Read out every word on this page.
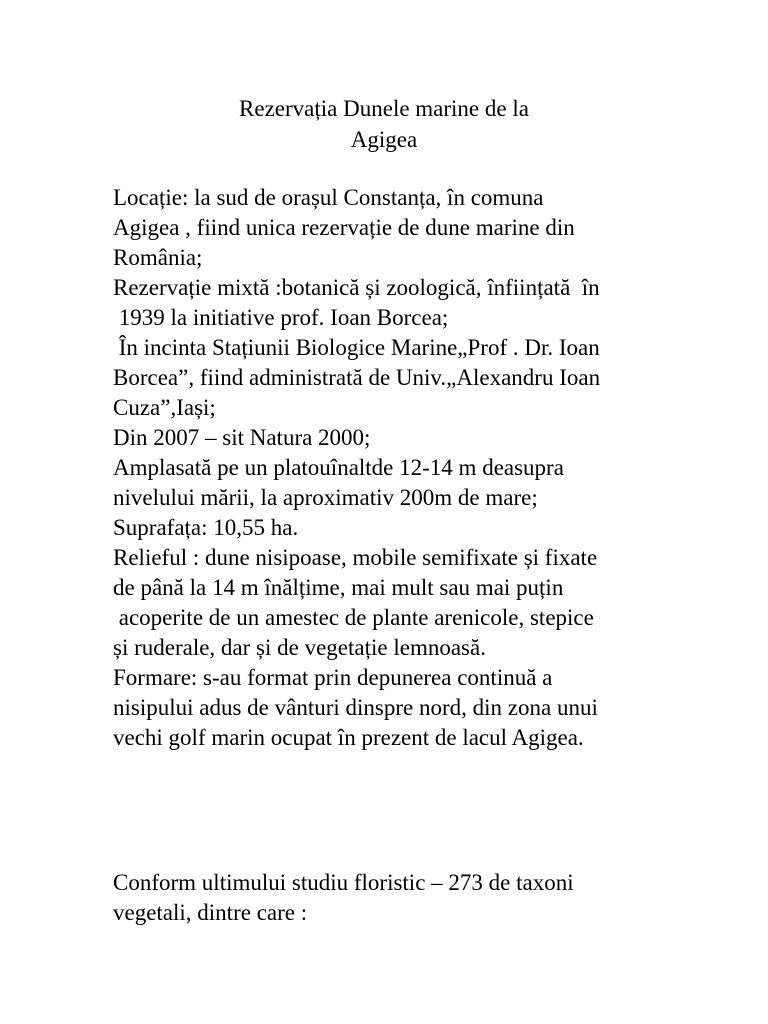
Rezervația Dunele marine de la
Agigea
Locație: la sud de orașul Constanța, în comuna
Agigea , fiind unica rezervație de dune marine din
România;
Rezervație mixtă :botanică și zoologică, înființată  în
1939 la initiative prof. Ioan Borcea;
În incinta Stațiunii Biologice Marine„Prof . Dr. Ioan
Borcea”, fiind administrată de Univ.„Alexandru Ioan
Cuza”,Iași;
Din 2007 – sit Natura 2000;
Amplasată pe un platouînaltde 12-14 m deasupra
nivelului mării, la aproximativ 200m de mare;
Suprafața: 10,55 ha.
Relieful : dune nisipoase, mobile semifixate și fixate
de până la 14 m înălțime, mai mult sau mai puțin
acoperite de un amestec de plante arenicole, stepice
și ruderale, dar și de vegetație lemnoasă.
Formare: s-au format prin depunerea continuă a
nisipului adus de vânturi dinspre nord, din zona unui
vechi golf marin ocupat în prezent de lacul Agigea.
Conform ultimului studiu floristic – 273 de taxoni
vegetali, dintre care :
